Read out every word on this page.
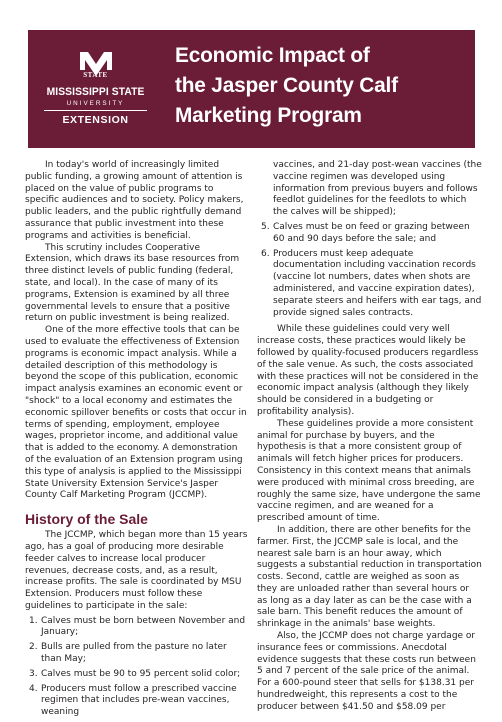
STATE
MISSISSIPPI STATE
UNIVERSITY
EXTENSION
Economic Impact of
the Jasper County Calf
Marketing Program

In today's world of increasingly limited public funding, a growing amount of attention is placed on the value of public programs to specific audiences and to society. Policy makers, public leaders, and the public rightfully demand assurance that public investment into these programs and activities is beneficial.

This scrutiny includes Cooperative Extension, which draws its base resources from three distinct levels of public funding (federal, state, and local). In the case of many of its programs, Extension is examined by all three governmental levels to ensure that a positive return on public investment is being realized.

One of the more effective tools that can be used to evaluate the effectiveness of Extension programs is economic impact analysis. While a detailed description of this methodology is beyond the scope of this publication, economic impact analysis examines an economic event or "shock" to a local economy and estimates the economic spillover benefits or costs that occur in terms of spending, employment, employee wages, proprietor income, and additional value that is added to the economy. A demonstration of the evaluation of an Extension program using this type of analysis is applied to the Mississippi State University Extension Service's Jasper County Calf Marketing Program (JCCMP).

History of the Sale

The JCCMP, which began more than 15 years ago, has a goal of producing more desirable feeder calves to increase local producer revenues, decrease costs, and, as a result, increase profits. The sale is coordinated by MSU Extension. Producers must follow these guidelines to participate in the sale:

1. Calves must be born between November and January;
2. Bulls are pulled from the pasture no later than May;
3. Calves must be 90 to 95 percent solid color;
4. Producers must follow a prescribed vaccine regimen that includes pre-wean vaccines, weaning
vaccines, and 21-day post-wean vaccines (the vaccine regimen was developed using information from previous buyers and follows feedlot guidelines for the feedlots to which the calves will be shipped);
5. Calves must be on feed or grazing between 60 and 90 days before the sale; and
6. Producers must keep adequate documentation including vaccination records (vaccine lot numbers, dates when shots are administered, and vaccine expiration dates), separate steers and heifers with ear tags, and provide signed sales contracts.

While these guidelines could very well increase costs, these practices would likely be followed by quality-focused producers regardless of the sale venue. As such, the costs associated with these practices will not be considered in the economic impact analysis (although they likely should be considered in a budgeting or profitability analysis).

These guidelines provide a more consistent animal for purchase by buyers, and the hypothesis is that a more consistent group of animals will fetch higher prices for producers. Consistency in this context means that animals were produced with minimal cross breeding, are roughly the same size, have undergone the same vaccine regimen, and are weaned for a prescribed amount of time.

In addition, there are other benefits for the farmer. First, the JCCMP sale is local, and the nearest sale barn is an hour away, which suggests a substantial reduction in transportation costs. Second, cattle are weighed as soon as they are unloaded rather than several hours or as long as a day later as can be the case with a sale barn. This benefit reduces the amount of shrinkage in the animals' base weights.

Also, the JCCMP does not charge yardage or insurance fees or commissions. Anecdotal evidence suggests that these costs run between 5 and 7 percent of the sale price of the animal. For a 600-pound steer that sells for $138.31 per hundredweight, this represents a cost to the producer between $41.50 and $58.09 per
